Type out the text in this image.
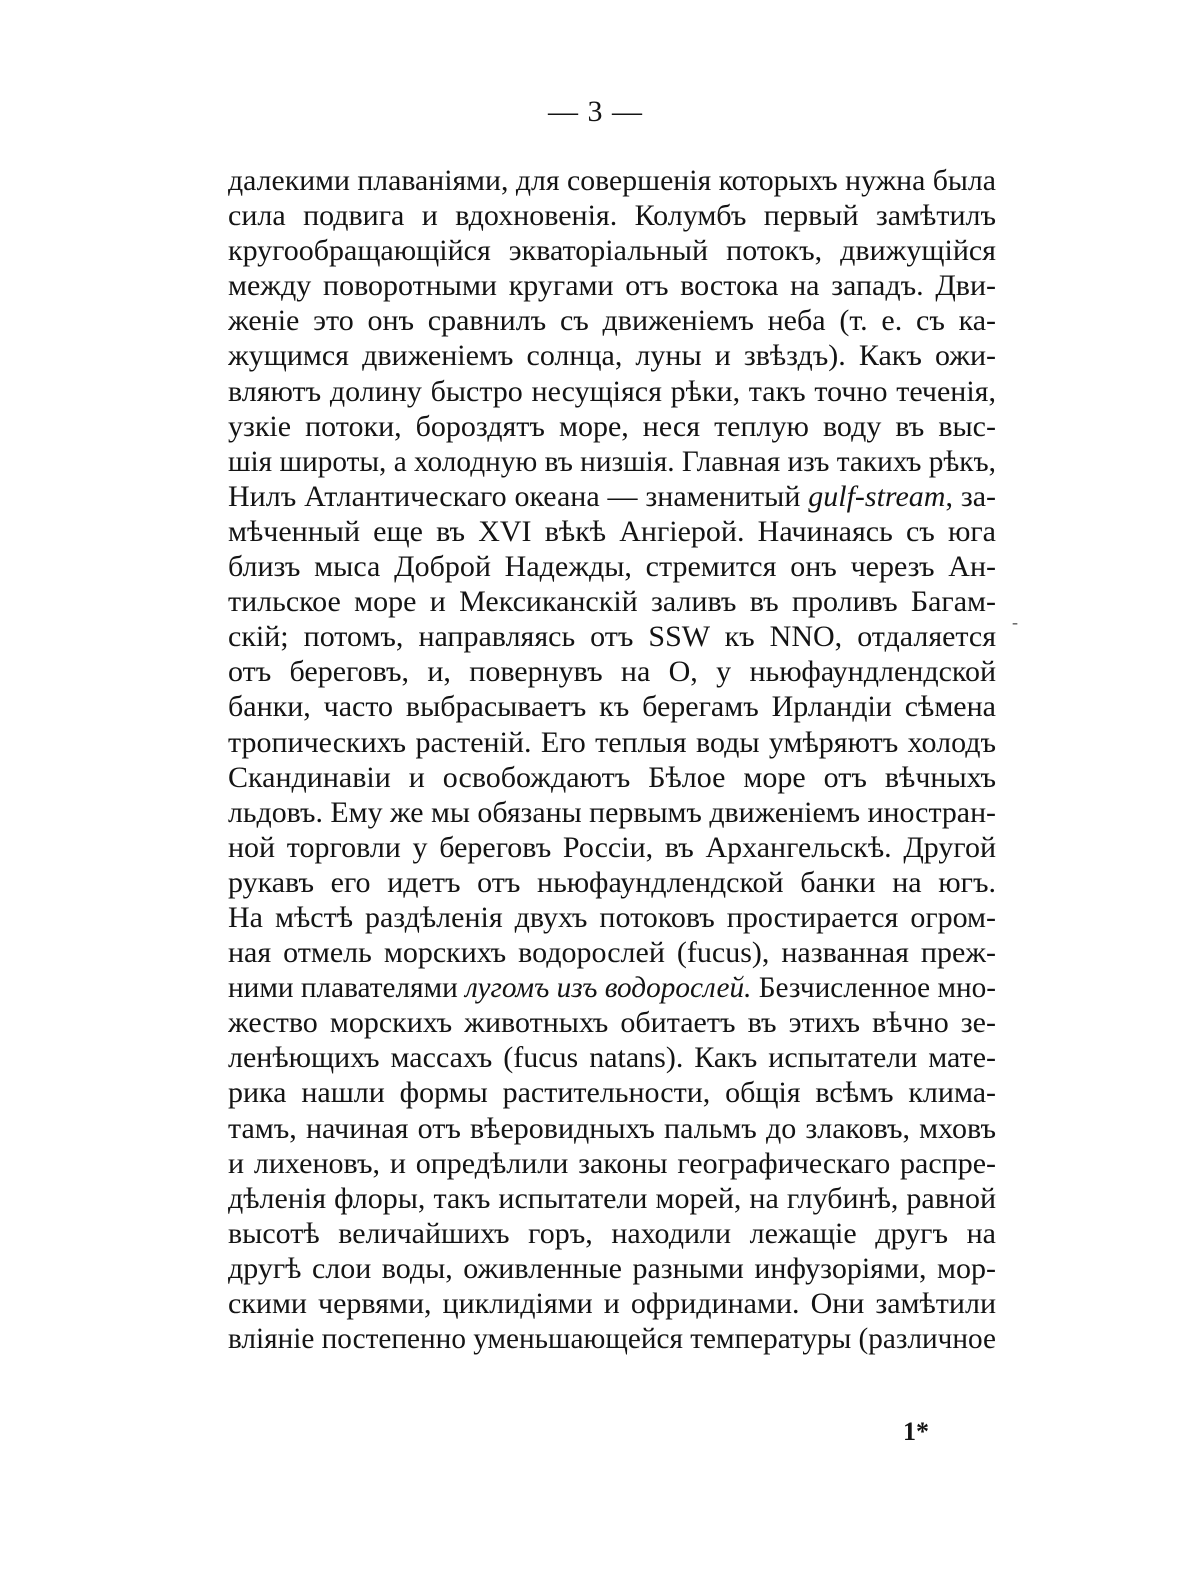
— 3 —
-
далекими плаваніями, для совершенія которыхъ нужна была
сила подвига и вдохновенія. Колумбъ первый замѣтилъ
кругообращающійся экваторіальный потокъ, движущійся
между поворотными кругами отъ востока на западъ. Дви-
женіе это онъ сравнилъ съ движеніемъ неба (т. е. съ ка-
жущимся движеніемъ солнца, луны и звѣздъ). Какъ ожи-
вляютъ долину быстро несущіяся рѣки, такъ точно теченія,
узкіе потоки, бороздятъ море, неся теплую воду въ выс-
шія широты, а холодную въ низшія. Главная изъ такихъ рѣкъ,
Нилъ Атлантическаго океана — знаменитый gulf-stream, за-
мѣченный еще въ XVI вѣкѣ Ангіерой. Начинаясь съ юга
близъ мыса Доброй Надежды, стремится онъ черезъ Ан-
тильское море и Мексиканскій заливъ въ проливъ Багам-
скій; потомъ, направляясь отъ SSW къ NNO, отдаляется
отъ береговъ, и, повернувъ на O, у ньюфаундлендской
банки, часто выбрасываетъ къ берегамъ Ирландіи сѣмена
тропическихъ растеній. Его теплыя воды умѣряютъ холодъ
Скандинавіи и освобождаютъ Бѣлое море отъ вѣчныхъ
льдовъ. Ему же мы обязаны первымъ движеніемъ иностран-
ной торговли у береговъ Россіи, въ Архангельскѣ. Другой
рукавъ его идетъ отъ ньюфаундлендской банки на югъ.
На мѣстѣ раздѣленія двухъ потоковъ простирается огром-
ная отмель морскихъ водорослей (fucus), названная преж-
ними плавателями лугомъ изъ водорослей. Безчисленное мно-
жество морскихъ животныхъ обитаетъ въ этихъ вѣчно зе-
ленѣющихъ массахъ (fucus natans). Какъ испытатели мате-
рика нашли формы растительности, общія всѣмъ клима-
тамъ, начиная отъ вѣеровидныхъ пальмъ до злаковъ, мховъ
и лихеновъ, и опредѣлили законы географическаго распре-
дѣленія флоры, такъ испытатели морей, на глубинѣ, равной
высотѣ величайшихъ горъ, находили лежащіе другъ на
другѣ слои воды, оживленные разными инфузоріями, мор-
скими червями, циклидіями и офридинами. Они замѣтили
вліяніе постепенно уменьшающейся температуры (различное
1*
